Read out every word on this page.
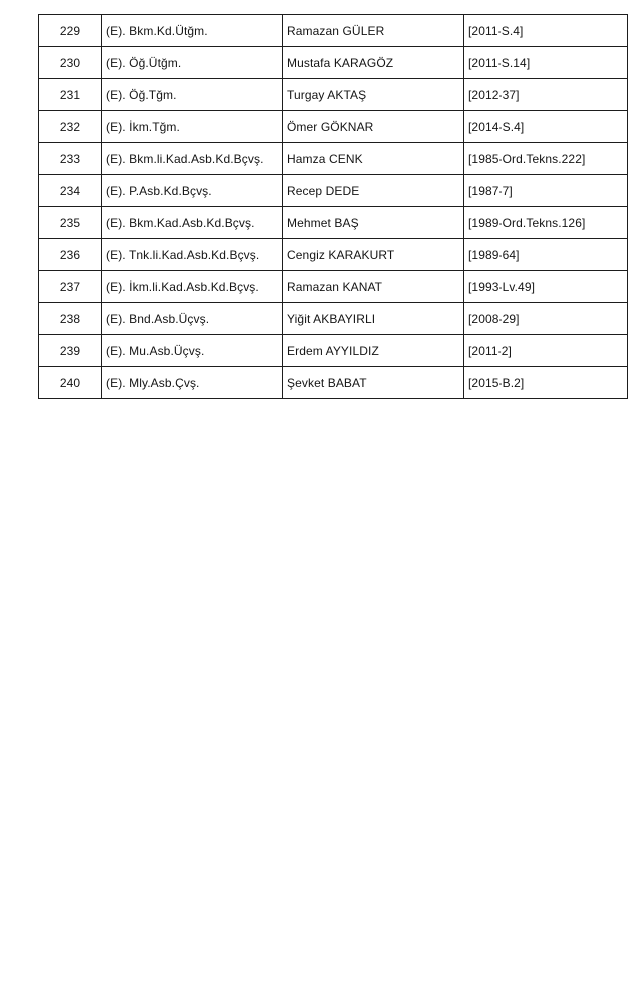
229	(E). Bkm.Kd.Ütğm.	Ramazan GÜLER	[2011-S.4]

230	(E). Öğ.Ütğm.	Mustafa KARAGÖZ	[2011-S.14]

231	(E). Öğ.Tğm.	Turgay AKTAŞ	[2012-37]

232	(E). İkm.Tğm.	Ömer GÖKNAR	[2014-S.4]

233	(E). Bkm.li.Kad.Asb.Kd.Bçvş.	Hamza CENK	[1985-Ord.Tekns.222]

234	(E). P.Asb.Kd.Bçvş.	Recep DEDE	[1987-7]

235	(E). Bkm.Kad.Asb.Kd.Bçvş.	Mehmet BAŞ	[1989-Ord.Tekns.126]

236	(E). Tnk.li.Kad.Asb.Kd.Bçvş.	Cengiz KARAKURT	[1989-64]

237	(E). İkm.li.Kad.Asb.Kd.Bçvş.	Ramazan KANAT	[1993-Lv.49]

238	(E). Bnd.Asb.Üçvş.	Yiğit AKBAYIRLI	[2008-29]

239	(E). Mu.Asb.Üçvş.	Erdem AYYILDIZ	[2011-2]

240	(E). Mly.Asb.Çvş.	Şevket BABAT	[2015-B.2]
